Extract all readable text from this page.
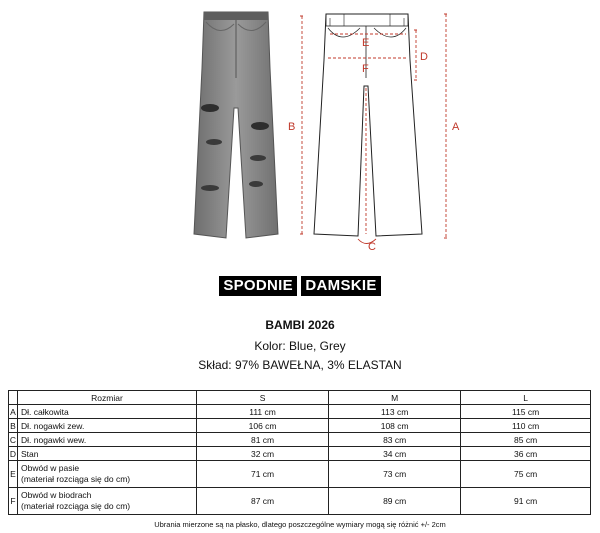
B	A
D
E
F
C
SPODNIE DAMSKIE
BAMBI 2026
Kolor: Blue, Grey
Skład: 97% BAWEŁNA, 3% ELASTAN
	Rozmiar	S	M	L
A	Dł. całkowita	111 cm	113 cm	115 cm
B	Dł. nogawki zew.	106 cm	108 cm	110 cm
C	Dł. nogawki wew.	81 cm	83 cm	85 cm
D	Stan	32 cm	34 cm	36 cm
E	Obwód w pasie
(materiał rozciąga się do cm)	71 cm	73 cm	75 cm
F	Obwód w biodrach
(materiał rozciąga się do cm)	87 cm	89 cm	91 cm
Ubrania mierzone są na płasko, dlatego poszczególne wymiary mogą się różnić +/- 2cm
